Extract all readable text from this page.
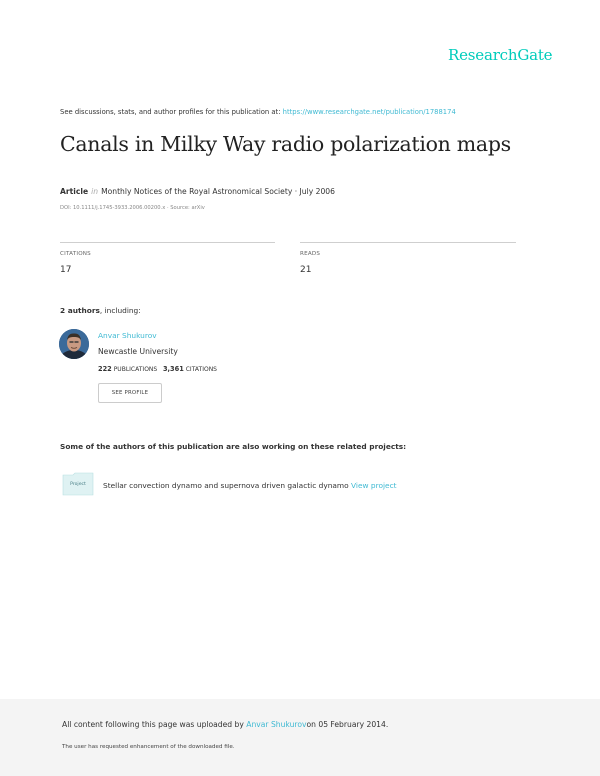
ResearchGate
See discussions, stats, and author profiles for this publication at: https://www.researchgate.net/publication/1788174
Canals in Milky Way radio polarization maps
Article in Monthly Notices of the Royal Astronomical Society · July 2006
DOI: 10.1111/j.1745-3933.2006.00200.x · Source: arXiv
CITATIONS
17
READS
21
2 authors, including:
Anvar Shukurov
Newcastle University
222 PUBLICATIONS 3,361 CITATIONS
SEE PROFILE
Some of the authors of this publication are also working on these related projects:
Project	Stellar convection dynamo and supernova driven galactic dynamo View project
All content following this page was uploaded by Anvar Shukurovon 05 February 2014.
The user has requested enhancement of the downloaded file.
